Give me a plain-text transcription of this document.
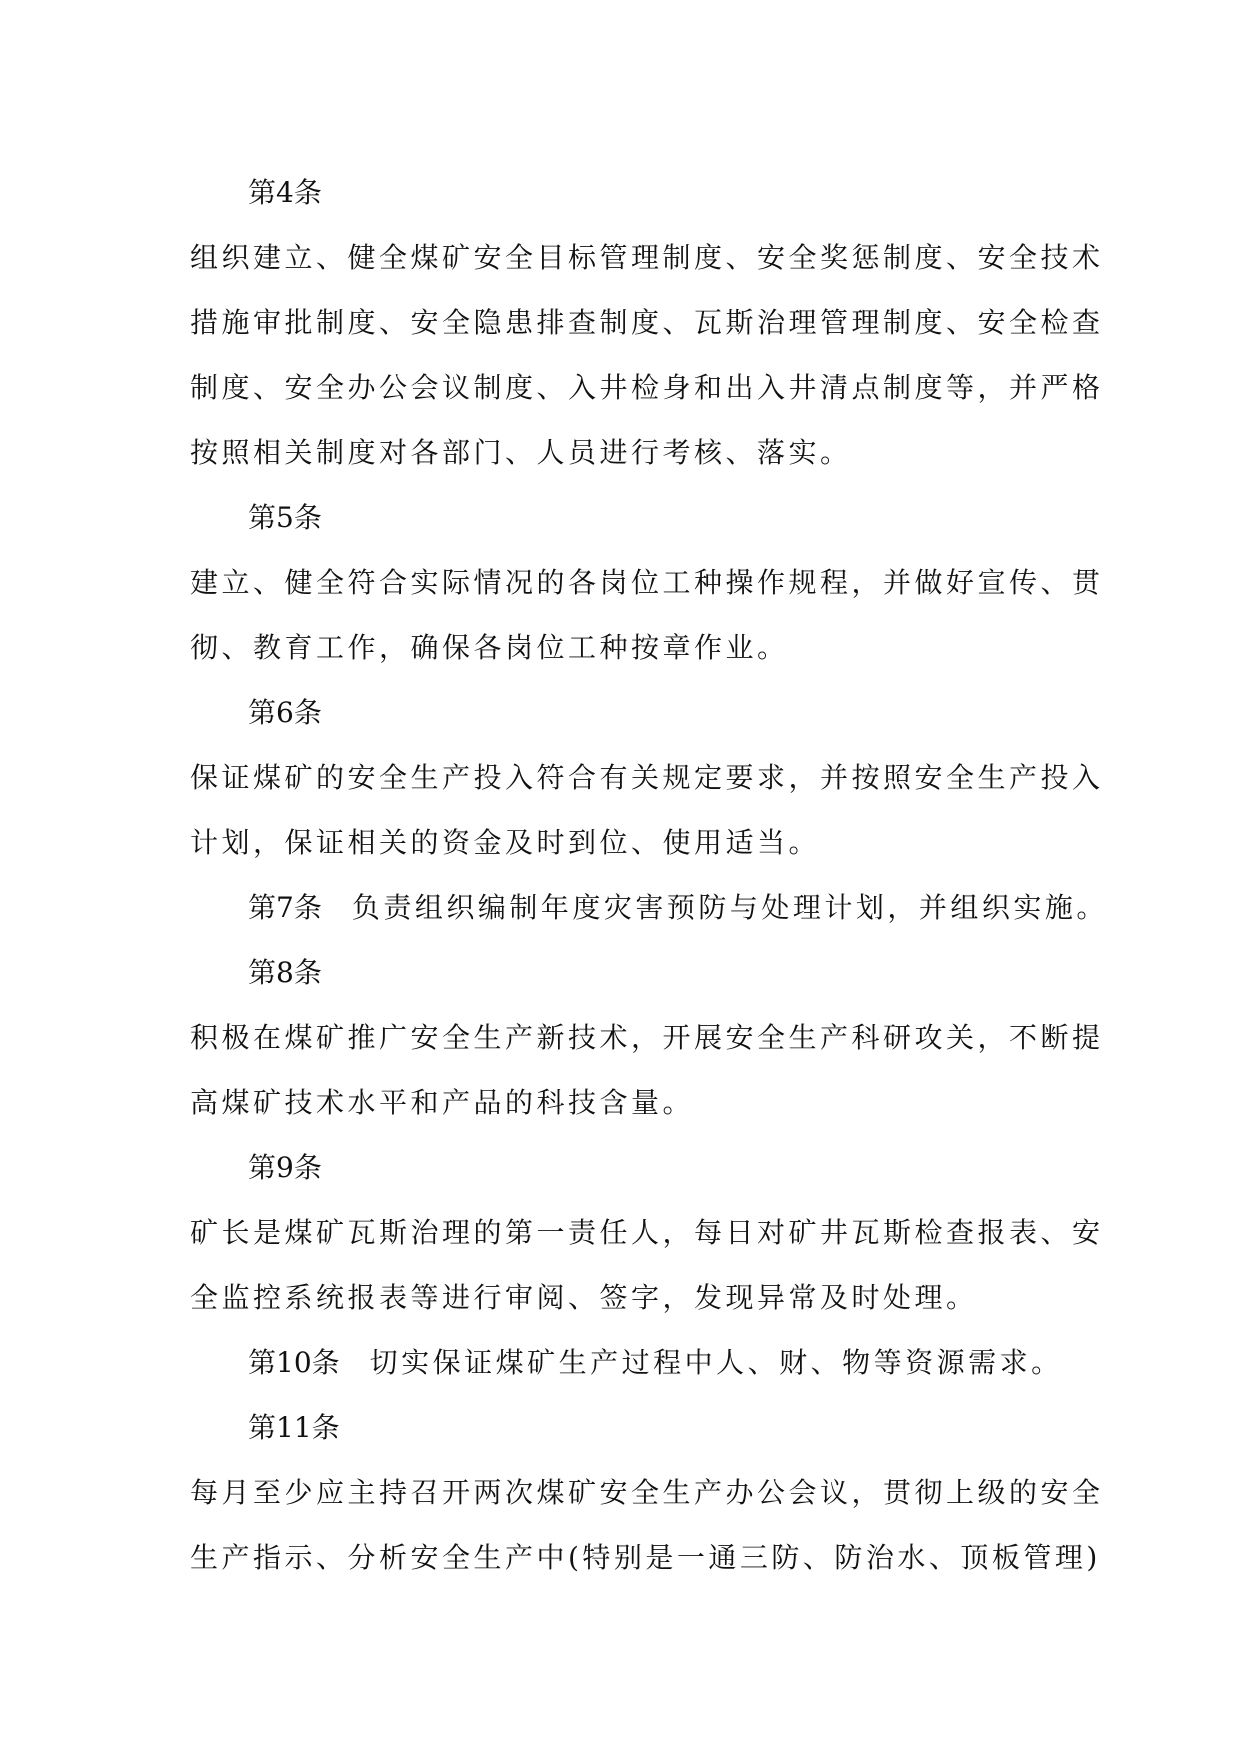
第4条
组织建立、健全煤矿安全目标管理制度、安全奖惩制度、安全技术
措施审批制度、安全隐患排查制度、瓦斯治理管理制度、安全检查
制度、安全办公会议制度、入井检身和出入井清点制度等，并严格
按照相关制度对各部门、人员进行考核、落实。
第5条
建立、健全符合实际情况的各岗位工种操作规程，并做好宣传、贯
彻、教育工作，确保各岗位工种按章作业。
第6条
保证煤矿的安全生产投入符合有关规定要求，并按照安全生产投入
计划，保证相关的资金及时到位、使用适当。
第7条 负责组织编制年度灾害预防与处理计划，并组织实施。
第8条
积极在煤矿推广安全生产新技术，开展安全生产科研攻关，不断提
高煤矿技术水平和产品的科技含量。
第9条
矿长是煤矿瓦斯治理的第一责任人，每日对矿井瓦斯检查报表、安
全监控系统报表等进行审阅、签字，发现异常及时处理。
第10条 切实保证煤矿生产过程中人、财、物等资源需求。
第11条
每月至少应主持召开两次煤矿安全生产办公会议，贯彻上级的安全
生产指示、分析安全生产中(特别是一通三防、防治水、顶板管理)
